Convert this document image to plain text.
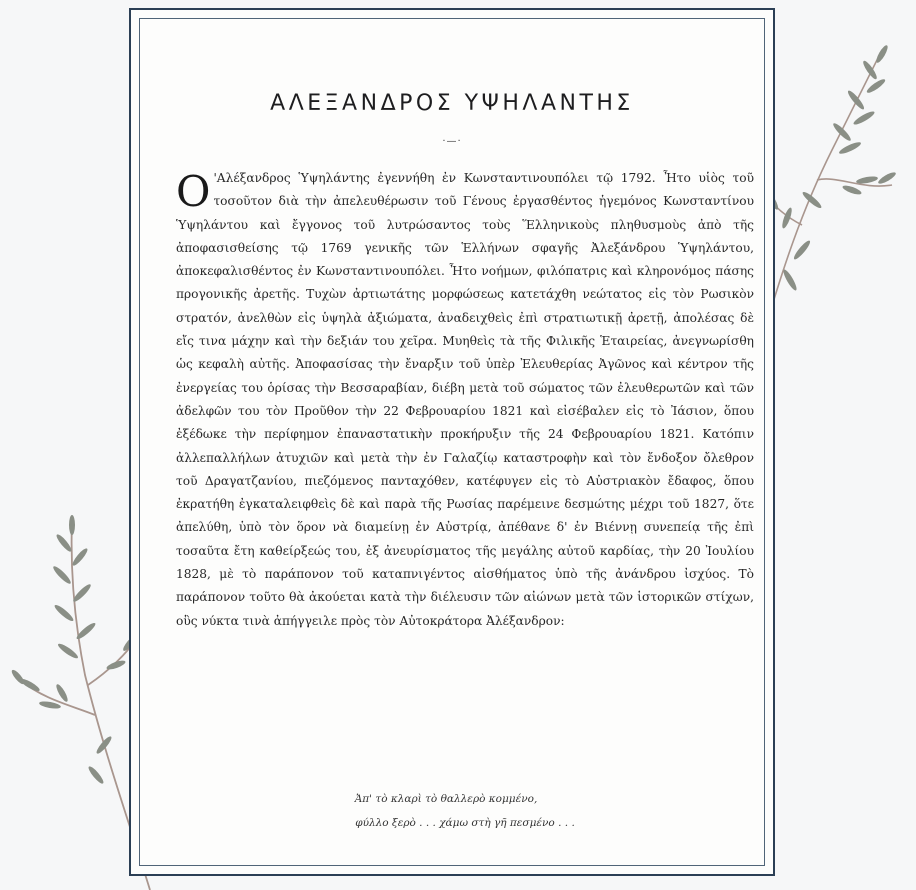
ΑΛΕΞΑΝΔΡΟΣ ΥΨΗΛΑΝΤΗΣ
·—·

Ο 'Αλέξανδρος Ὑψηλάντης ἐγεννήθη ἐν Κωνσταντινουπόλει τῷ 1792. Ἦτο υἱὸς τοῦ τοσοῦτον διὰ τὴν ἀπελευθέρωσιν τοῦ Γένους ἐργασθέντος ἡγεμόνος Κωνσταντίνου Ὑψηλάντου καὶ ἔγγονος τοῦ λυτρώσαντος τοὺς Ἕλληνικοὺς πληθυσμοὺς ἀπὸ τῆς ἀποφασισθείσης τῷ 1769 γενικῆς τῶν Ἑλλήνων σφαγῆς Ἀλεξάνδρου Ὑψηλάντου, ἀποκεφαλισθέντος ἐν Κωνσταντινουπόλει. Ἦτο νοήμων, φιλόπατρις καὶ κληρονόμος πάσης προγονικῆς ἀρετῆς. Τυχὼν ἀρτιωτάτης μορφώσεως κατετάχθη νεώτατος εἰς τὸν Ρωσικὸν στρατόν, ἀνελθὼν εἰς ὑψηλὰ ἀξιώματα, ἀναδειχθεὶς ἐπὶ στρατιωτικῇ ἀρετῇ, ἀπολέσας δὲ εἴς τινα μάχην καὶ τὴν δεξιάν του χεῖρα. Μυηθεὶς τὰ τῆς Φιλικῆς Ἑταιρείας, ἀνεγνωρίσθη ὡς κεφαλὴ αὐτῆς. Ἀποφασίσας τὴν ἔναρξιν τοῦ ὑπὲρ Ἐλευθερίας Ἀγῶνος καὶ κέντρον τῆς ἐνεργείας του ὁρίσας τὴν Βεσσαραβίαν, διέβη μετὰ τοῦ σώματος τῶν ἐλευθερωτῶν καὶ τῶν ἀδελφῶν του τὸν Προῦθον τὴν 22 Φεβρουαρίου 1821 καὶ εἰσέβαλεν εἰς τὸ Ἰάσιον, ὅπου ἐξέδωκε τὴν περίφημον ἐπαναστατικὴν προκήρυξιν τῆς 24 Φεβρουαρίου 1821. Κατόπιν ἀλλεπαλλήλων ἀτυχιῶν καὶ μετὰ τὴν ἐν Γαλαζίῳ καταστροφὴν καὶ τὸν ἔνδοξον ὄλεθρον τοῦ Δραγατζανίου, πιεζόμενος πανταχόθεν, κατέφυγεν εἰς τὸ Αὐστριακὸν ἔδαφος, ὅπου ἐκρατήθη ἐγκαταλειφθεὶς δὲ καὶ παρὰ τῆς Ρωσίας παρέμεινε δεσμώτης μέχρι τοῦ 1827, ὅτε ἀπελύθη, ὑπὸ τὸν ὅρον νὰ διαμείνῃ ἐν Αὐστρίᾳ, ἀπέθανε δ' ἐν Βιέννῃ συνεπείᾳ τῆς ἐπὶ τοσαῦτα ἔτη καθείρξεώς του, ἐξ ἀνευρίσματος τῆς μεγάλης αὐτοῦ καρδίας, τὴν 20 Ἰουλίου 1828, μὲ τὸ παράπονον τοῦ καταπνιγέντος αἰσθήματος ὑπὸ τῆς ἀνάνδρου ἰσχύος. Τὸ παράπονον τοῦτο θὰ ἀκούεται κατὰ τὴν διέλευσιν τῶν αἰώνων μετὰ τῶν ἱστορικῶν στίχων, οὓς νύκτα τινὰ ἀπήγγειλε πρὸς τὸν Αὐτοκράτορα Ἀλέξανδρον:

Ἀπ' τὸ κλαρὶ τὸ θαλλερὸ κομμένο,
φύλλο ξερὸ . . . χάμω στὴ γῆ πεσμένο . . .
